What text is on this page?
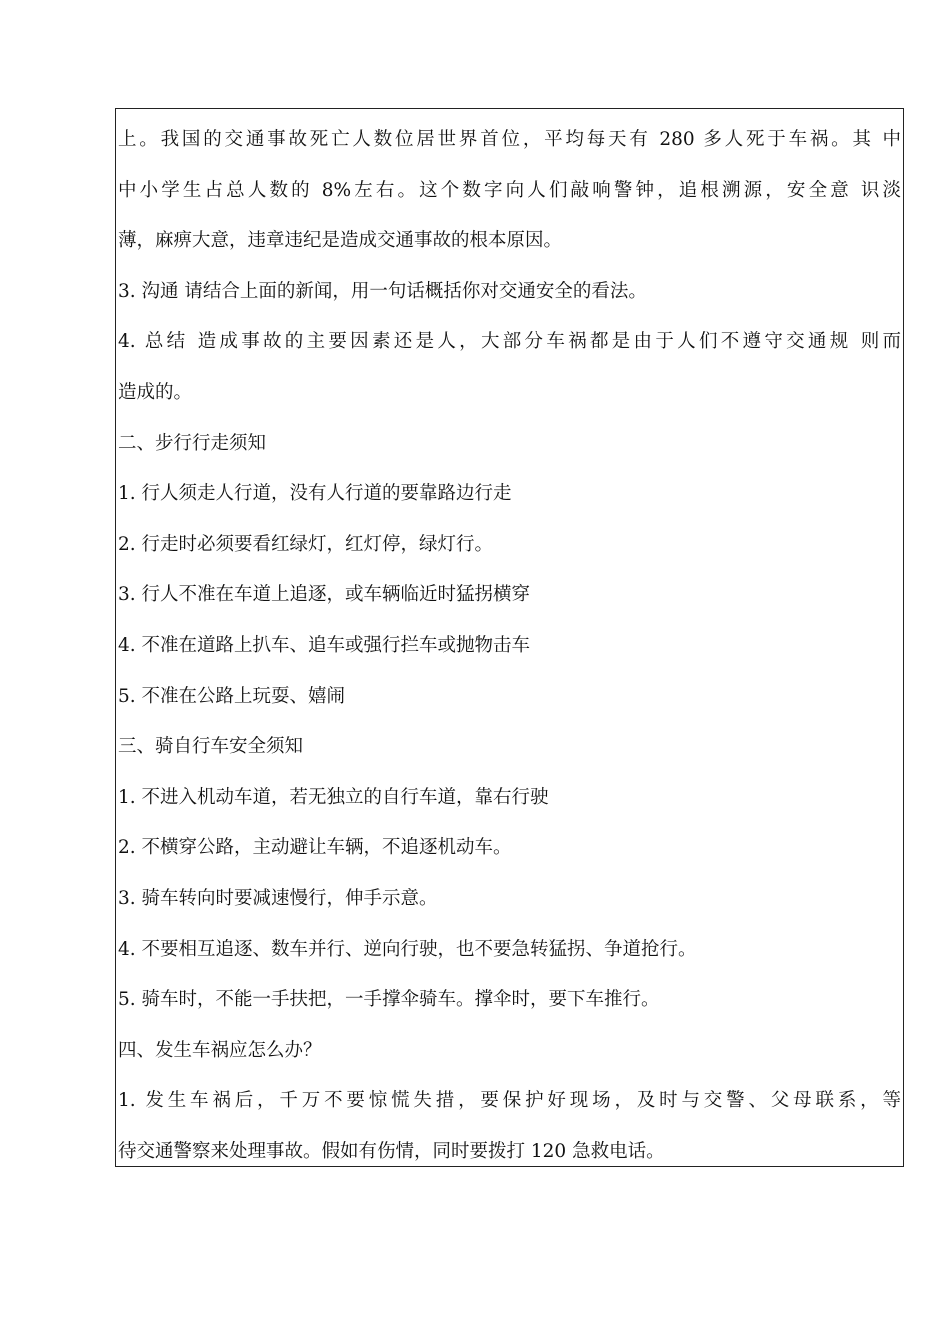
上。我国的交通事故死亡人数位居世界首位，平均每天有 280 多人死于车祸。其 中
中小学生占总人数的 8%左右。这个数字向人们敲响警钟，追根溯源，安全意 识淡
薄，麻痹大意，违章违纪是造成交通事故的根本原因。
3. 沟通 请结合上面的新闻，用一句话概括你对交通安全的看法。
4. 总结 造成事故的主要因素还是人，大部分车祸都是由于人们不遵守交通规 则而
造成的。
二、步行行走须知
1. 行人须走人行道，没有人行道的要靠路边行走
2. 行走时必须要看红绿灯，红灯停，绿灯行。
3. 行人不准在车道上追逐，或车辆临近时猛拐横穿
4. 不准在道路上扒车、追车或强行拦车或抛物击车
5. 不准在公路上玩耍、嬉闹
三、骑自行车安全须知
1. 不进入机动车道，若无独立的自行车道，靠右行驶
2. 不横穿公路，主动避让车辆，不追逐机动车。
3. 骑车转向时要减速慢行，伸手示意。
4. 不要相互追逐、数车并行、逆向行驶，也不要急转猛拐、争道抢行。
5. 骑车时，不能一手扶把，一手撑伞骑车。撑伞时，要下车推行。
四、发生车祸应怎么办？
1. 发生车祸后，千万不要惊慌失措，要保护好现场，及时与交警、父母联系，等
待交通警察来处理事故。假如有伤情，同时要拨打 120 急救电话。
